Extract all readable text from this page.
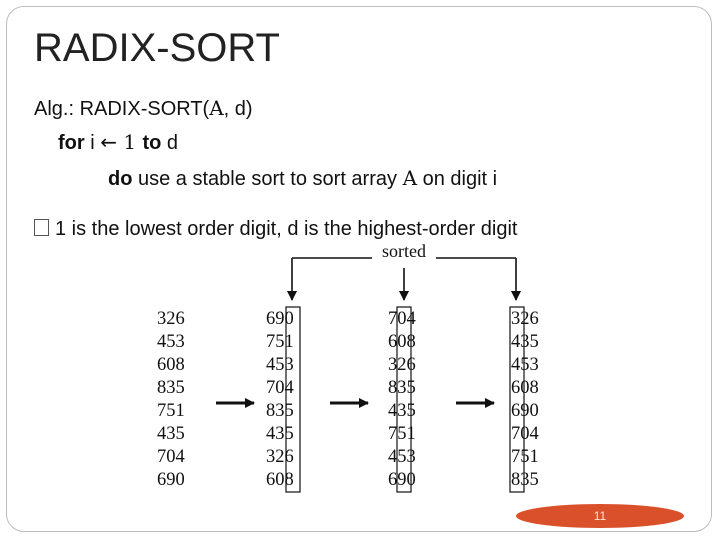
RADIX-SORT
Alg.: RADIX-SORT(A, d)
for i ← 1 to d
do use a stable sort to sort array A on digit i
1 is the lowest order digit, d is the highest-order digit
sorted
326
453
608
835
751
435
704
690
690
751
453
704
835
435
326
608
704
608
326
835
435
751
453
690
326
435
453
608
690
704
751
835
11
